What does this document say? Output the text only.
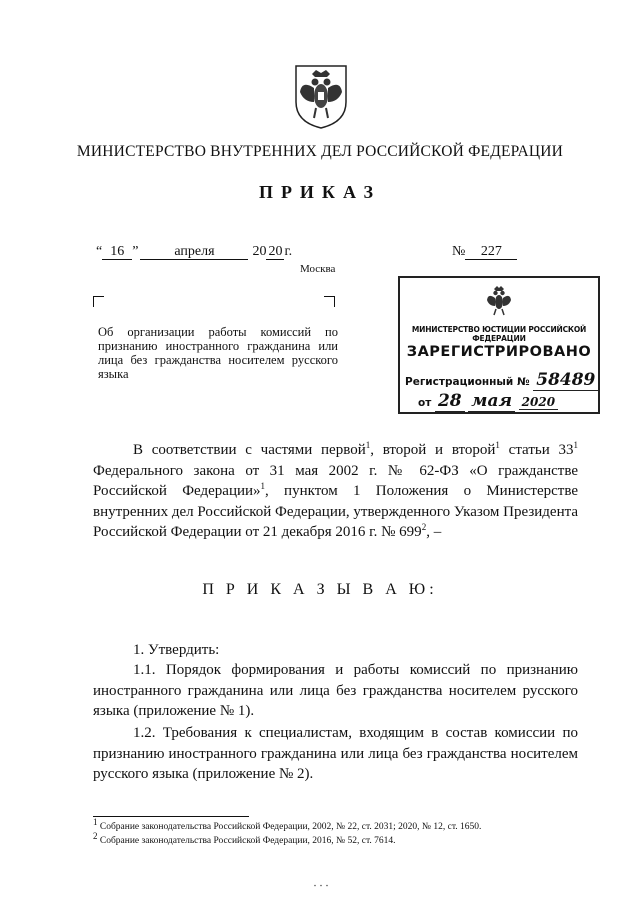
МИНИСТЕРСТВО ВНУТРЕННИХ ДЕЛ РОССИЙСКОЙ ФЕДЕРАЦИИ
ПРИКАЗ
“ 16 ”	апреля	20 20 г.
Москва
№ 227
Об организации работы комиссий по признанию иностранного гражданина или лица без гражданства носителем русского языка
МИНИСТЕРСТВО ЮСТИЦИИ РОССИЙСКОЙ ФЕДЕРАЦИИ
ЗАРЕГИСТРИРОВАНО
Регистрационный № 58489
от 28 мая 2020
В соответствии с частями первой$^1$, второй и второй$^1$ статьи $33^1$ Федерального закона от 31 мая 2002 г. № 62-ФЗ «О гражданстве Российской Федерации»$^1$, пунктом 1 Положения о Министерстве внутренних дел Российской Федерации, утвержденного Указом Президента Российской Федерации от 21 декабря 2016 г. № $699^2$, –
П Р И К А З Ы В А Ю:
1. Утвердить:
1.1. Порядок формирования и работы комиссий по признанию иностранного гражданина или лица без гражданства носителем русского языка (приложение № 1).
1.2. Требования к специалистам, входящим в состав комиссии по признанию иностранного гражданина или лица без гражданства носителем русского языка (приложение № 2).
$^1$ Собрание законодательства Российской Федерации, 2002, № 22, ст. 2031; 2020, № 12, ст. 1650.
$^2$ Собрание законодательства Российской Федерации, 2016, № 52, ст. 7614.
